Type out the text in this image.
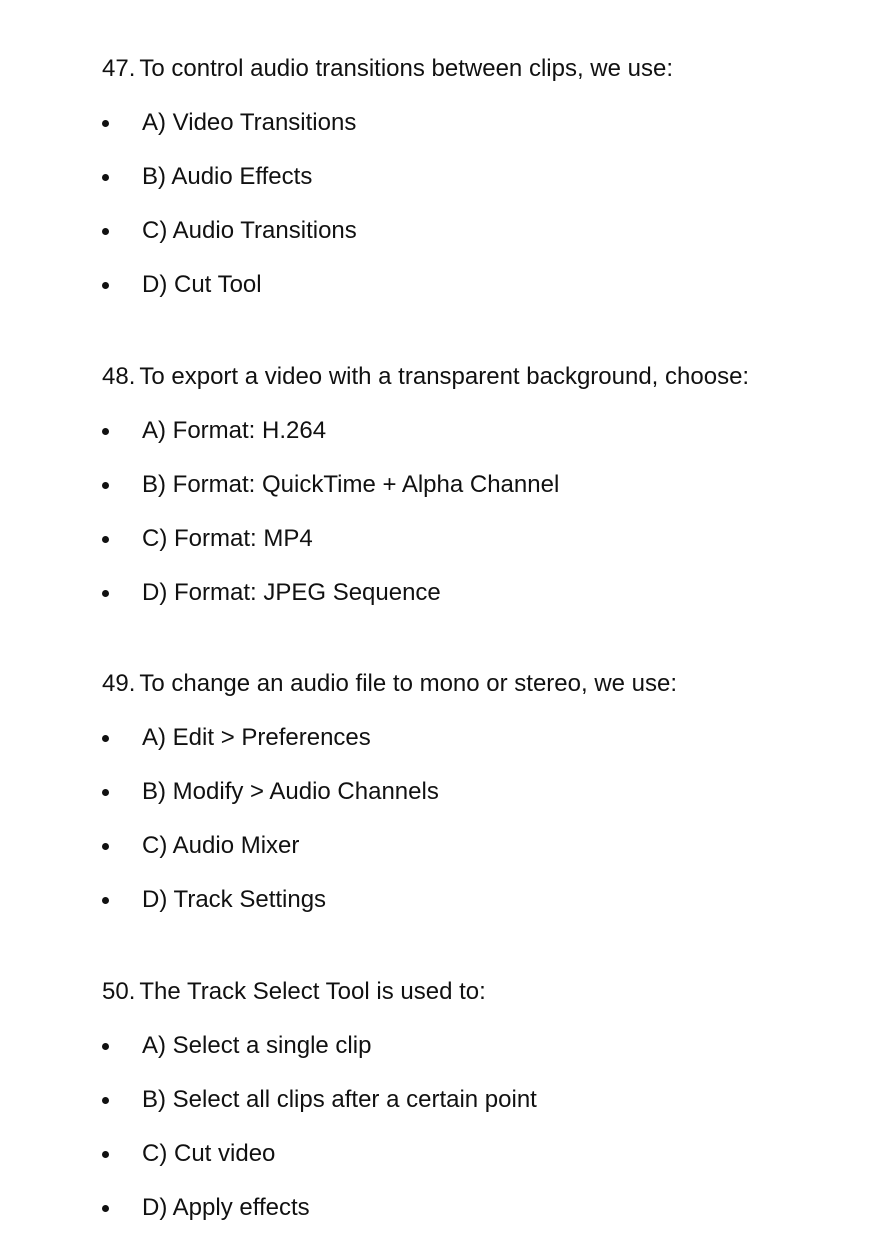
47. To control audio transitions between clips, we use:
A) Video Transitions
B) Audio Effects
C) Audio Transitions
D) Cut Tool
48. To export a video with a transparent background, choose:
A) Format: H.264
B) Format: QuickTime + Alpha Channel
C) Format: MP4
D) Format: JPEG Sequence
49. To change an audio file to mono or stereo, we use:
A) Edit > Preferences
B) Modify > Audio Channels
C) Audio Mixer
D) Track Settings
50. The Track Select Tool is used to:
A) Select a single clip
B) Select all clips after a certain point
C) Cut video
D) Apply effects
